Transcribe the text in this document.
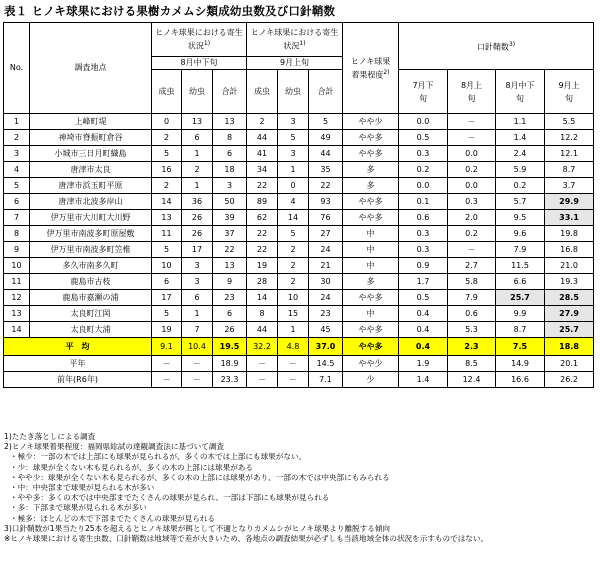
表１ ヒノキ球果における果樹カメムシ類成幼虫数及び口針鞘数
No.	調査地点	ヒノキ球果における寄生状況$^{1)}$			ヒノキ球果における寄生状況$^{1)}$			ヒノキ球果着果程度$^{2)}$	口針鞘数$^{3)}$
		8月中下旬			9月上旬							
		成虫	幼虫	合計	成虫	幼虫	合計		7月下旬	8月上旬	8月中下旬	9月上旬
1	上峰町堤	0	13	13	2	3	5	やや少	0.0	－	1.1	5.5
2	神埼市脊振町倉谷	2	6	8	44	5	49	やや多	0.5	－	1.4	12.2
3	小城市三日月町織島	5	1	6	41	3	44	やや多	0.3	0.0	2.4	12.1
4	唐津市太良	16	2	18	34	1	35	多	0.2	0.2	5.9	8.7
5	唐津市浜玉町平原	2	1	3	22	0	22	多	0.0	0.0	0.2	3.7
6	唐津市北波多岸山	14	36	50	89	4	93	やや多	0.1	0.3	5.7	29.9
7	伊万里市大川町大川野	13	26	39	62	14	76	やや多	0.6	2.0	9.5	33.1
8	伊万里市南波多町原屋敷	11	26	37	22	5	27	中	0.3	0.2	9.6	19.8
9	伊万里市南波多町笠椎	5	17	22	22	2	24	中	0.3	－	7.9	16.8
10	多久市南多久町	10	3	13	19	2	21	中	0.9	2.7	11.5	21.0
11	鹿島市古枝	6	3	9	28	2	30	多	1.7	5.8	6.6	19.3
12	鹿島市嘉瀬の浦	17	6	23	14	10	24	やや多	0.5	7.9	25.7	28.5
13	太良町江岡	5	1	6	8	15	23	中	0.4	0.6	9.9	27.9
14	太良町大浦	19	7	26	44	1	45	やや多	0.4	5.3	8.7	25.7
平　均		9.1	10.4	19.5	32.2	4.8	37.0	やや多	0.4	2.3	7.5	18.8
平年		－	－	18.9	－	－	14.5	やや少	1.9	8.5	14.9	20.1
前年(R6年)		－	－	23.3	－	－	7.1	少	1.4	12.4	16.6	26.2
1)たたき落としによる調査
2)ヒノキ球果着果程度：福岡県総試の達観調査法に基づいて調査
・極少：一部の木では上部にも球果が見られるが、多くの木では上部にも球果がない。
・少：球果が全くない木も見られるが、多くの木の上部には球果がある
・やや少：球果が全くない木も見られるが、多くの木の上部には球果があり、一部の木では中央部にもみられる
・中：中央部まで球果が見られる木が多い
・やや多：多くの木では中央部までたくさんの球果が見られ、一部は下部にも球果が見られる
・多：下部まで球果が見られる木が多い
・極多：ほとんどの木で下部までたくさんの球果が見られる
3)口針鞘数が1果当たり25本を超えるとヒノキ球果が餌として不適となりカメムシがヒノキ球果より離脱する傾向
※ヒノキ球果における寄生虫数、口針鞘数は地域等で差が大きいため、各地点の調査結果が必ずしも当該地域全体の状況を示すものではない。
